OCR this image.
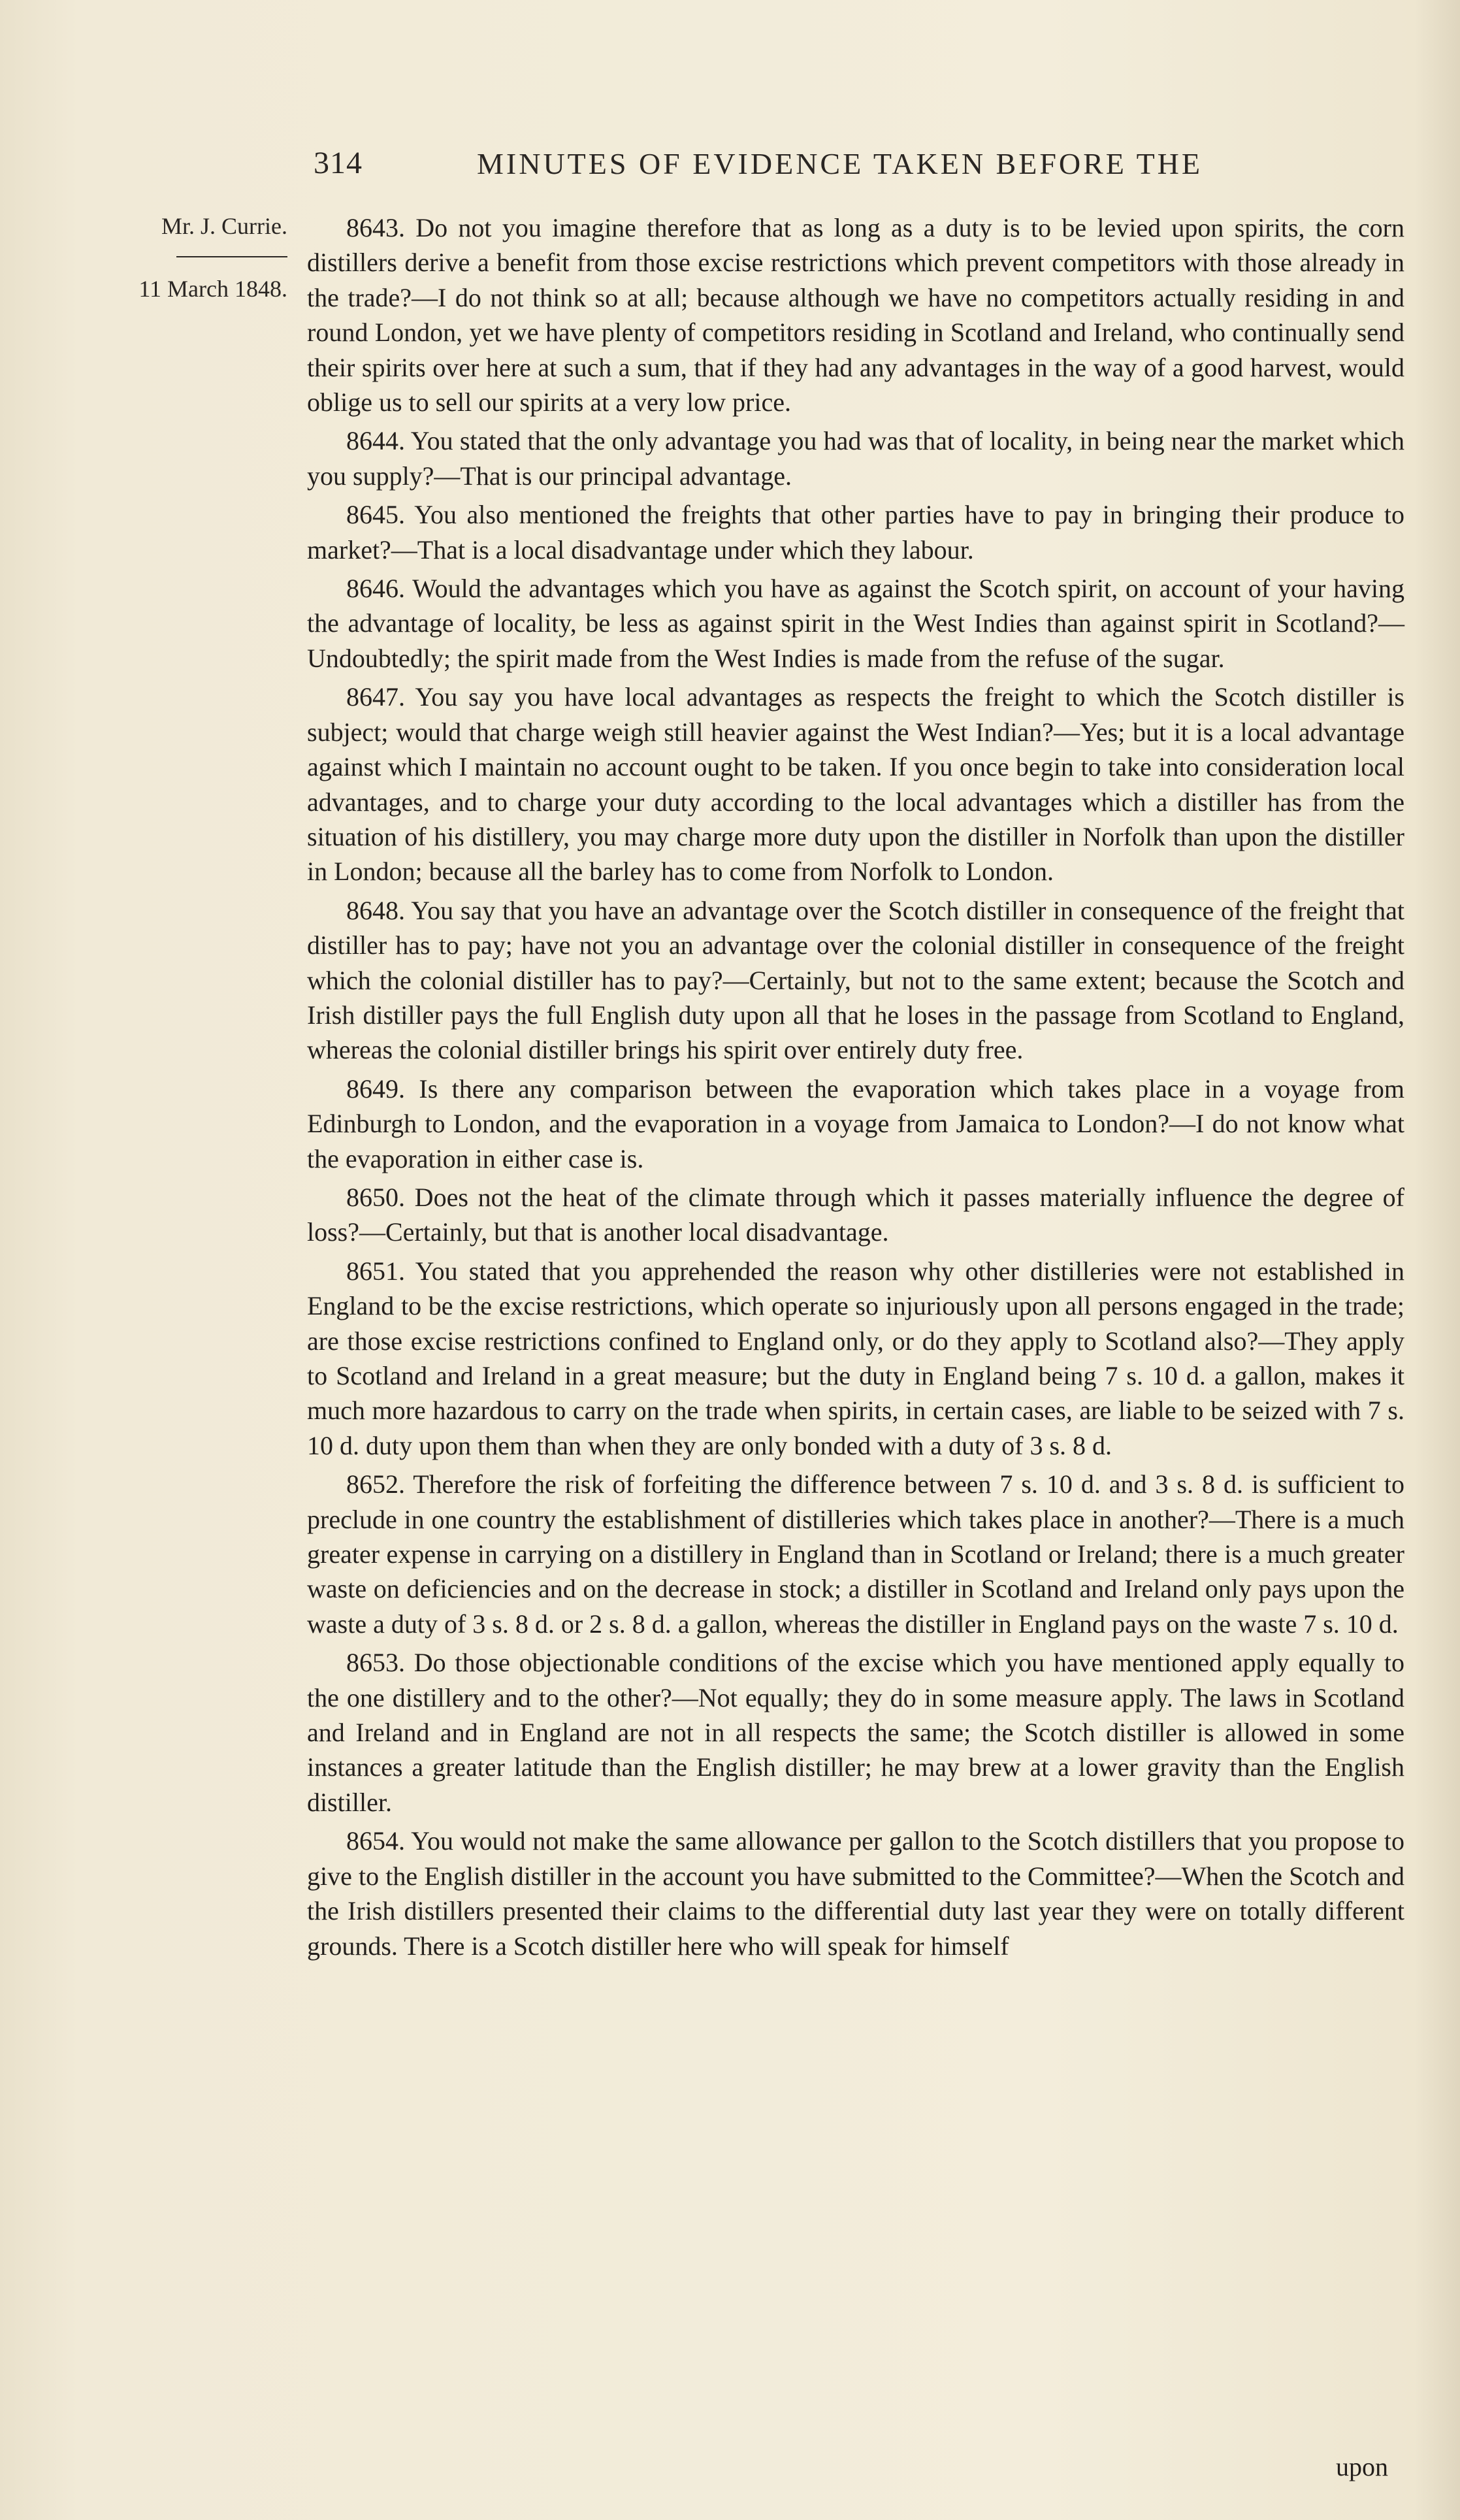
314	MINUTES OF EVIDENCE TAKEN BEFORE THE
Mr. J. Currie.
11 March 1848.

8643. Do not you imagine therefore that as long as a duty is to be levied upon spirits, the corn distillers derive a benefit from those excise restrictions which prevent competitors with those already in the trade?—I do not think so at all; because although we have no competitors actually residing in and round London, yet we have plenty of competitors residing in Scotland and Ireland, who continually send their spirits over here at such a sum, that if they had any advantages in the way of a good harvest, would oblige us to sell our spirits at a very low price.

8644. You stated that the only advantage you had was that of locality, in being near the market which you supply?—That is our principal advantage.

8645. You also mentioned the freights that other parties have to pay in bringing their produce to market?—That is a local disadvantage under which they labour.

8646. Would the advantages which you have as against the Scotch spirit, on account of your having the advantage of locality, be less as against spirit in the West Indies than against spirit in Scotland?—Undoubtedly; the spirit made from the West Indies is made from the refuse of the sugar.

8647. You say you have local advantages as respects the freight to which the Scotch distiller is subject; would that charge weigh still heavier against the West Indian?—Yes; but it is a local advantage against which I maintain no account ought to be taken. If you once begin to take into consideration local advantages, and to charge your duty according to the local advantages which a distiller has from the situation of his distillery, you may charge more duty upon the distiller in Norfolk than upon the distiller in London; because all the barley has to come from Norfolk to London.

8648. You say that you have an advantage over the Scotch distiller in consequence of the freight that distiller has to pay; have not you an advantage over the colonial distiller in consequence of the freight which the colonial distiller has to pay?—Certainly, but not to the same extent; because the Scotch and Irish distiller pays the full English duty upon all that he loses in the passage from Scotland to England, whereas the colonial distiller brings his spirit over entirely duty free.

8649. Is there any comparison between the evaporation which takes place in a voyage from Edinburgh to London, and the evaporation in a voyage from Jamaica to London?—I do not know what the evaporation in either case is.

8650. Does not the heat of the climate through which it passes materially influence the degree of loss?—Certainly, but that is another local disadvantage.

8651. You stated that you apprehended the reason why other distilleries were not established in England to be the excise restrictions, which operate so injuriously upon all persons engaged in the trade; are those excise restrictions confined to England only, or do they apply to Scotland also?—They apply to Scotland and Ireland in a great measure; but the duty in England being 7 s. 10 d. a gallon, makes it much more hazardous to carry on the trade when spirits, in certain cases, are liable to be seized with 7 s. 10 d. duty upon them than when they are only bonded with a duty of 3 s. 8 d.

8652. Therefore the risk of forfeiting the difference between 7 s. 10 d. and 3 s. 8 d. is sufficient to preclude in one country the establishment of distilleries which takes place in another?—There is a much greater expense in carrying on a distillery in England than in Scotland or Ireland; there is a much greater waste on deficiencies and on the decrease in stock; a distiller in Scotland and Ireland only pays upon the waste a duty of 3 s. 8 d. or 2 s. 8 d. a gallon, whereas the distiller in England pays on the waste 7 s. 10 d.

8653. Do those objectionable conditions of the excise which you have mentioned apply equally to the one distillery and to the other?—Not equally; they do in some measure apply. The laws in Scotland and Ireland and in England are not in all respects the same; the Scotch distiller is allowed in some instances a greater latitude than the English distiller; he may brew at a lower gravity than the English distiller.

8654. You would not make the same allowance per gallon to the Scotch distillers that you propose to give to the English distiller in the account you have submitted to the Committee?—When the Scotch and the Irish distillers presented their claims to the differential duty last year they were on totally different grounds. There is a Scotch distiller here who will speak for himself

upon
